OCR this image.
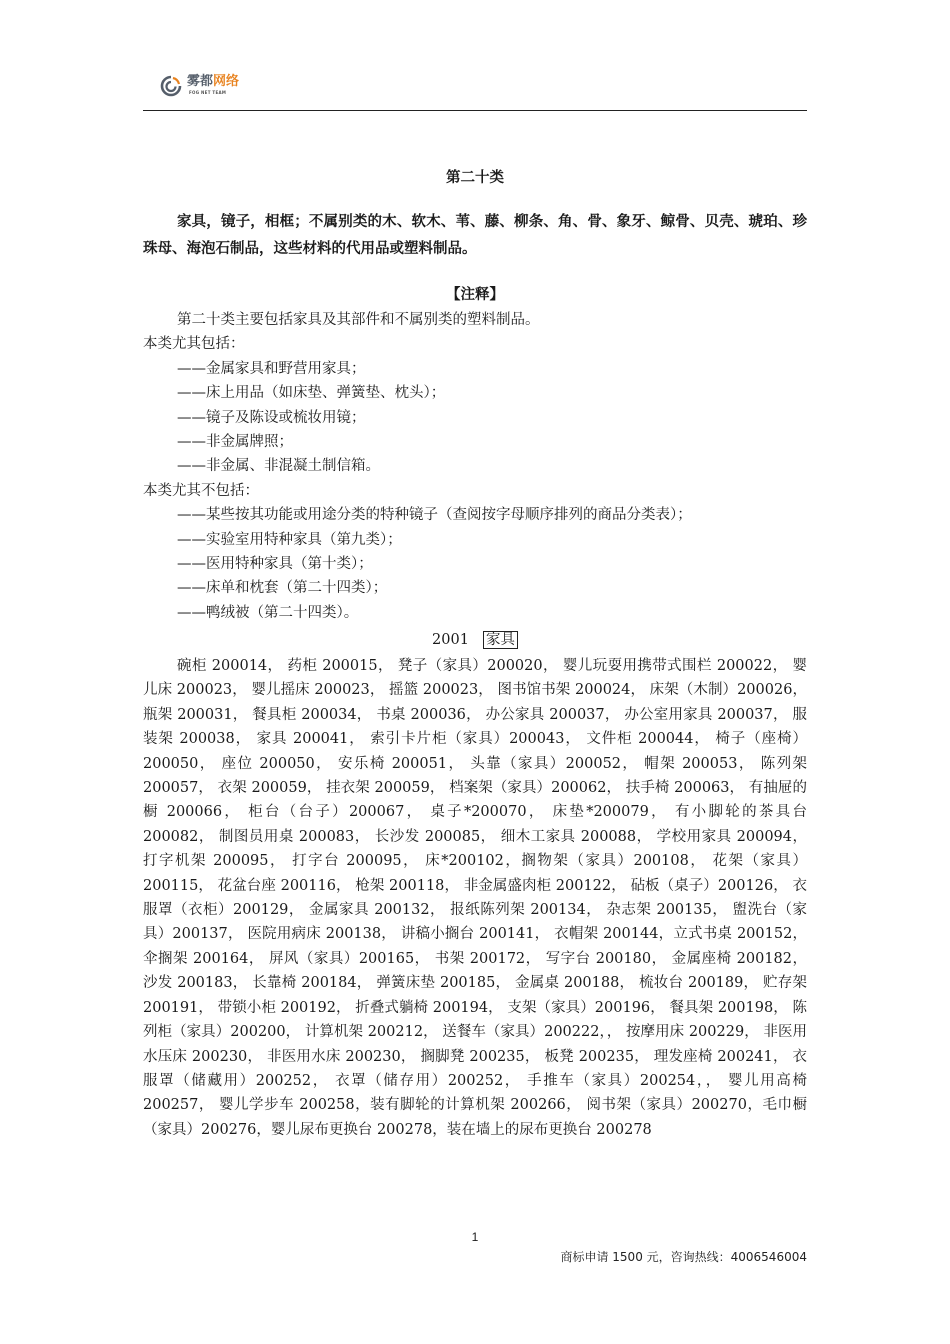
雾都网络
FOG NET TEAM
第二十类
家具，镜子，相框；不属别类的木、软木、苇、藤、柳条、角、骨、象牙、鲸骨、贝壳、琥珀、珍珠母、海泡石制品，这些材料的代用品或塑料制品。
【注释】
第二十类主要包括家具及其部件和不属别类的塑料制品。
本类尤其包括：
——金属家具和野营用家具；
——床上用品（如床垫、弹簧垫、枕头）；
——镜子及陈设或梳妆用镜；
——非金属牌照；
——非金属、非混凝土制信箱。
本类尤其不包括：
——某些按其功能或用途分类的特种镜子（查阅按字母顺序排列的商品分类表）；
——实验室用特种家具（第九类）；
——医用特种家具（第十类）；
——床单和枕套（第二十四类）；
——鸭绒被（第二十四类）。
2001 家具
碗柜 200014， 药柜 200015， 凳子（家具）200020， 婴儿玩耍用携带式围栏 200022， 婴儿床 200023， 婴儿摇床 200023， 摇篮 200023， 图书馆书架 200024， 床架（木制）200026， 瓶架 200031， 餐具柜 200034， 书桌 200036， 办公家具 200037， 办公室用家具 200037， 服装架 200038， 家具 200041， 索引卡片柜（家具）200043， 文件柜 200044， 椅子（座椅）200050， 座位 200050， 安乐椅 200051， 头靠（家具）200052， 帽架 200053， 陈列架 200057， 衣架 200059， 挂衣架 200059， 档案架（家具）200062， 扶手椅 200063， 有抽屉的橱 200066， 柜台（台子）200067， 桌子*200070， 床垫*200079， 有小脚轮的茶具台 200082， 制图员用桌 200083， 长沙发 200085， 细木工家具 200088， 学校用家具 200094， 打字机架 200095， 打字台 200095， 床*200102，搁物架（家具）200108， 花架（家具）200115， 花盆台座 200116， 枪架 200118， 非金属盛肉柜 200122， 砧板（桌子）200126， 衣服罩（衣柜）200129， 金属家具 200132， 报纸陈列架 200134， 杂志架 200135， 盥洗台（家具）200137， 医院用病床 200138， 讲稿小搁台 200141， 衣帽架 200144，立式书桌 200152， 伞搁架 200164， 屏风（家具）200165， 书架 200172， 写字台 200180， 金属座椅 200182， 沙发 200183， 长靠椅 200184， 弹簧床垫 200185， 金属桌 200188， 梳妆台 200189， 贮存架 200191， 带锁小柜 200192， 折叠式躺椅 200194， 支架（家具）200196， 餐具架 200198， 陈列柜（家具）200200， 计算机架 200212， 送餐车（家具）200222，， 按摩用床 200229， 非医用水压床 200230， 非医用水床 200230， 搁脚凳 200235， 板凳 200235， 理发座椅 200241， 衣服罩（储藏用）200252， 衣罩（储存用）200252， 手推车（家具）200254，， 婴儿用高椅 200257， 婴儿学步车 200258，装有脚轮的计算机架 200266， 阅书架（家具）200270，毛巾橱（家具）200276，婴儿尿布更换台 200278，装在墙上的尿布更换台 200278
1
商标申请 1500 元，咨询热线：4006546004
